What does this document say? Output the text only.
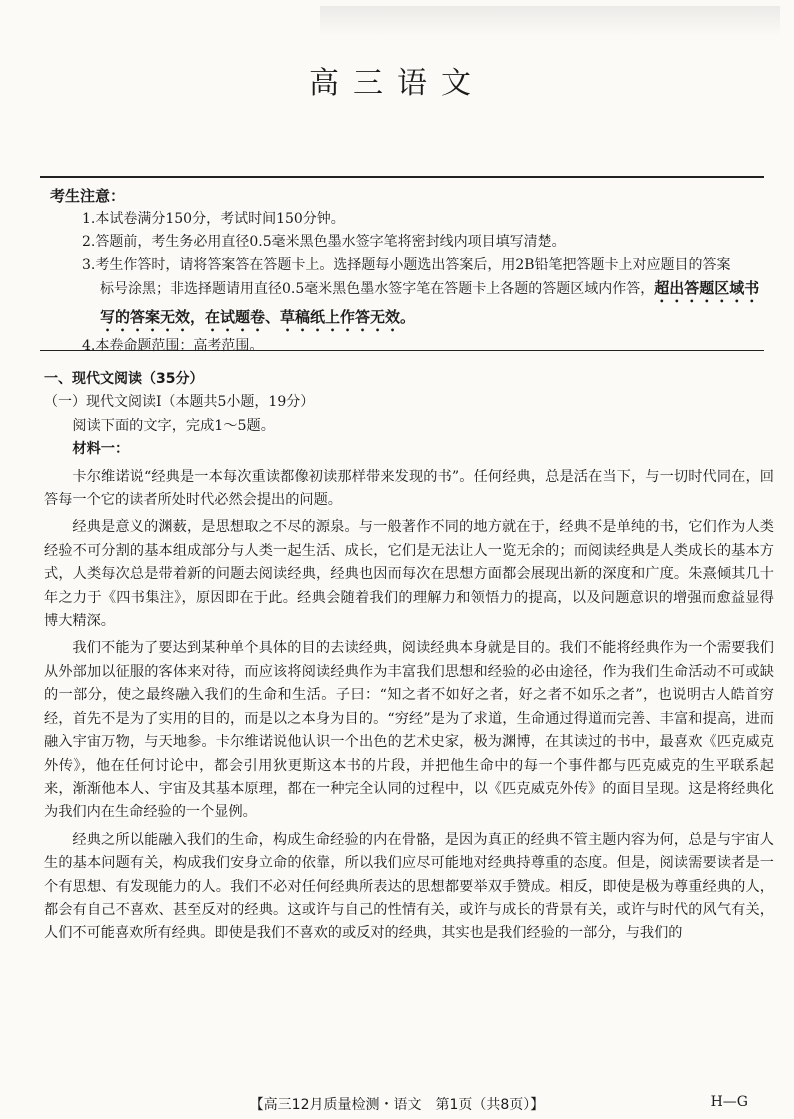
高三语文
考生注意：
1.本试卷满分150分，考试时间150分钟。
2.答题前，考生务必用直径0.5毫米黑色墨水签字笔将密封线内项目填写清楚。
3.考生作答时，请将答案答在答题卡上。选择题每小题选出答案后，用2B铅笔把答题卡上对应题目的答案
标号涂黑；非选择题请用直径0.5毫米黑色墨水签字笔在答题卡上各题的答题区域内作答，超出答题区域书写的答案无效，在试题卷、草稿纸上作答无效。
4.本卷命题范围：高考范围。
一、现代文阅读（35分）
（一）现代文阅读Ⅰ（本题共5小题，19分）
阅读下面的文字，完成1～5题。
材料一：

卡尔维诺说“经典是一本每次重读都像初读那样带来发现的书”。任何经典，总是活在当下，与一切时代同在，回答每一个它的读者所处时代必然会提出的问题。

经典是意义的渊薮，是思想取之不尽的源泉。与一般著作不同的地方就在于，经典不是单纯的书，它们作为人类经验不可分割的基本组成部分与人类一起生活、成长，它们是无法让人一览无余的；而阅读经典是人类成长的基本方式，人类每次总是带着新的问题去阅读经典，经典也因而每次在思想方面都会展现出新的深度和广度。朱熹倾其几十年之力于《四书集注》，原因即在于此。经典会随着我们的理解力和领悟力的提高，以及问题意识的增强而愈益显得博大精深。

我们不能为了要达到某种单个具体的目的去读经典，阅读经典本身就是目的。我们不能将经典作为一个需要我们从外部加以征服的客体来对待，而应该将阅读经典作为丰富我们思想和经验的必由途径，作为我们生命活动不可或缺的一部分，使之最终融入我们的生命和生活。子曰：“知之者不如好之者，好之者不如乐之者”，也说明古人皓首穷经，首先不是为了实用的目的，而是以之本身为目的。“穷经”是为了求道，生命通过得道而完善、丰富和提高，进而融入宇宙万物，与天地参。卡尔维诺说他认识一个出色的艺术史家，极为渊博，在其读过的书中，最喜欢《匹克威克外传》，他在任何讨论中，都会引用狄更斯这本书的片段，并把他生命中的每一个事件都与匹克威克的生平联系起来，渐渐他本人、宇宙及其基本原理，都在一种完全认同的过程中，以《匹克威克外传》的面目呈现。这是将经典化为我们内在生命经验的一个显例。

经典之所以能融入我们的生命，构成生命经验的内在骨骼，是因为真正的经典不管主题内容为何，总是与宇宙人生的基本问题有关，构成我们安身立命的依靠，所以我们应尽可能地对经典持尊重的态度。但是，阅读需要读者是一个有思想、有发现能力的人。我们不必对任何经典所表达的思想都要举双手赞成。相反，即使是极为尊重经典的人，都会有自己不喜欢、甚至反对的经典。这或许与自己的性情有关，或许与成长的背景有关，或许与时代的风气有关，人们不可能喜欢所有经典。即使是我们不喜欢的或反对的经典，其实也是我们经验的一部分，与我们的

【高三12月质量检测・语文　第1页（共8页）】	H—G
